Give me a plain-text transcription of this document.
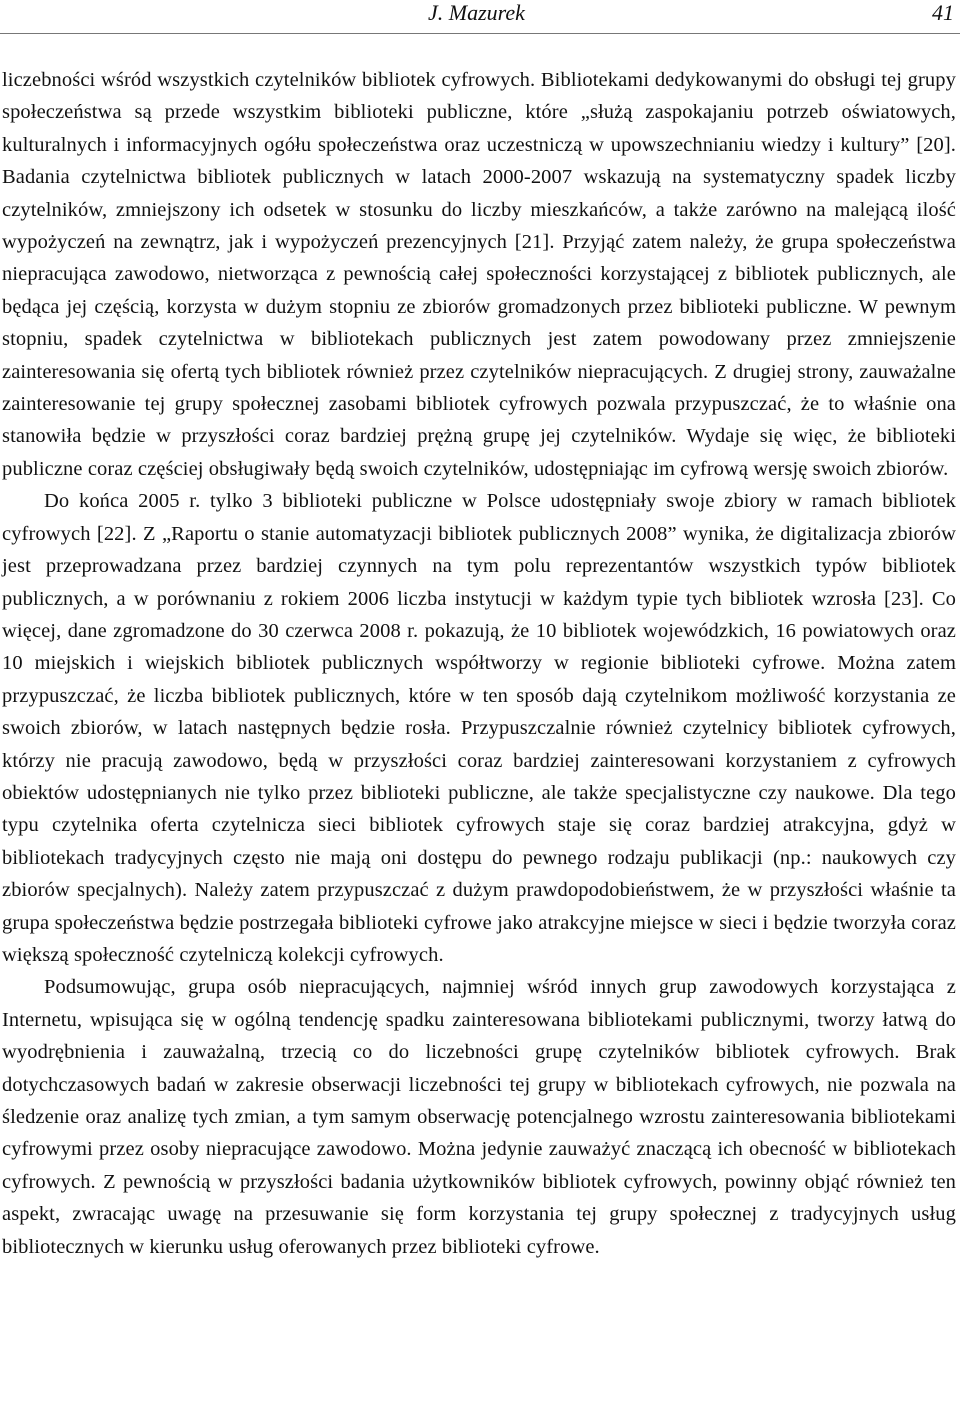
J. Mazurek	41

liczebności wśród wszystkich czytelników bibliotek cyfrowych. Bibliotekami dedykowanymi do obsługi tej grupy społeczeństwa są przede wszystkim biblioteki publiczne, które „służą zaspokajaniu potrzeb oświatowych, kulturalnych i informacyjnych ogółu społeczeństwa oraz uczestniczą w upowszechnianiu wiedzy i kultury” [20]. Badania czytelnictwa bibliotek publicznych w latach 2000-2007 wskazują na systematyczny spadek liczby czytelników, zmniejszony ich odsetek w stosunku do liczby mieszkańców, a także zarówno na malejącą ilość wypożyczeń na zewnątrz, jak i wypożyczeń prezencyjnych [21]. Przyjąć zatem należy, że grupa społeczeństwa niepracująca zawodowo, nietworząca z pewnością całej społeczności korzystającej z bibliotek publicznych, ale będąca jej częścią, korzysta w dużym stopniu ze zbiorów gromadzonych przez biblioteki publiczne. W pewnym stopniu, spadek czytelnictwa w bibliotekach publicznych jest zatem powodowany przez zmniejszenie zainteresowania się ofertą tych bibliotek również przez czytelników niepracujących. Z drugiej strony, zauważalne zainteresowanie tej grupy społecznej zasobami bibliotek cyfrowych pozwala przypuszczać, że to właśnie ona stanowiła będzie w przyszłości coraz bardziej prężną grupę jej czytelników. Wydaje się więc, że biblioteki publiczne coraz częściej obsługiwały będą swoich czytelników, udostępniając im cyfrową wersję swoich zbiorów.

Do końca 2005 r. tylko 3 biblioteki publiczne w Polsce udostępniały swoje zbiory w ramach bibliotek cyfrowych [22]. Z „Raportu o stanie automatyzacji bibliotek publicznych 2008” wynika, że digitalizacja zbiorów jest przeprowadzana przez bardziej czynnych na tym polu reprezentantów wszystkich typów bibliotek publicznych, a w porównaniu z rokiem 2006 liczba instytucji w każdym typie tych bibliotek wzrosła [23]. Co więcej, dane zgromadzone do 30 czerwca 2008 r. pokazują, że 10 bibliotek wojewódzkich, 16 powiatowych oraz 10 miejskich i wiejskich bibliotek publicznych współtworzy w regionie biblioteki cyfrowe. Można zatem przypuszczać, że liczba bibliotek publicznych, które w ten sposób dają czytelnikom możliwość korzystania ze swoich zbiorów, w latach następnych będzie rosła. Przypuszczalnie również czytelnicy bibliotek cyfrowych, którzy nie pracują zawodowo, będą w przyszłości coraz bardziej zainteresowani korzystaniem z cyfrowych obiektów udostępnianych nie tylko przez biblioteki publiczne, ale także specjalistyczne czy naukowe. Dla tego typu czytelnika oferta czytelnicza sieci bibliotek cyfrowych staje się coraz bardziej atrakcyjna, gdyż w bibliotekach tradycyjnych często nie mają oni dostępu do pewnego rodzaju publikacji (np.: naukowych czy zbiorów specjalnych). Należy zatem przypuszczać z dużym prawdopodobieństwem, że w przyszłości właśnie ta grupa społeczeństwa będzie postrzegała biblioteki cyfrowe jako atrakcyjne miejsce w sieci i będzie tworzyła coraz większą społeczność czytelniczą kolekcji cyfrowych.

Podsumowując, grupa osób niepracujących, najmniej wśród innych grup zawodowych korzystająca z Internetu, wpisująca się w ogólną tendencję spadku zainteresowana bibliotekami publicznymi, tworzy łatwą do wyodrębnienia i zauważalną, trzecią co do liczebności grupę czytelników bibliotek cyfrowych. Brak dotychczasowych badań w zakresie obserwacji liczebności tej grupy w bibliotekach cyfrowych, nie pozwala na śledzenie oraz analizę tych zmian, a tym samym obserwację potencjalnego wzrostu zainteresowania bibliotekami cyfrowymi przez osoby niepracujące zawodowo. Można jedynie zauważyć znaczącą ich obecność w bibliotekach cyfrowych. Z pewnością w przyszłości badania użytkowników bibliotek cyfrowych, powinny objąć również ten aspekt, zwracając uwagę na przesuwanie się form korzystania tej grupy społecznej z tradycyjnych usług bibliotecznych w kierunku usług oferowanych przez biblioteki cyfrowe.
